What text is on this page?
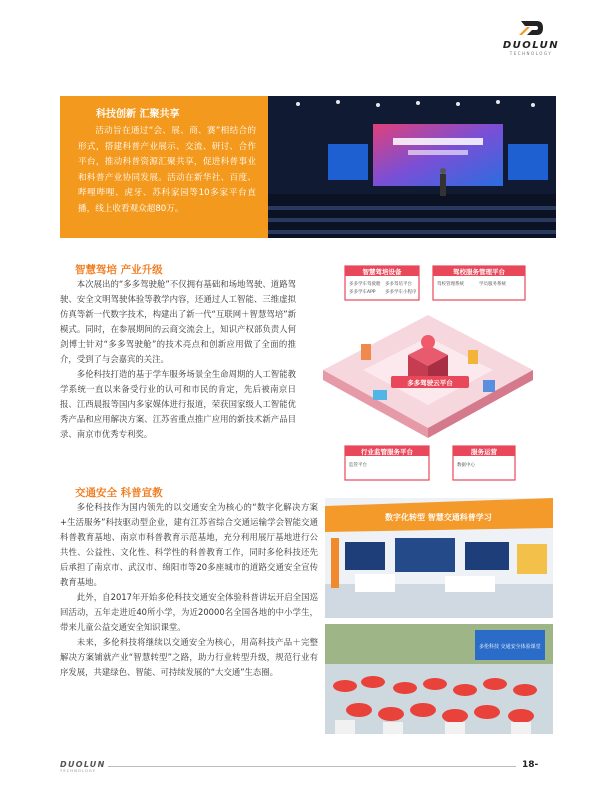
DUOLUN
TECHNOLOGY
科技创新 汇聚共享
活动旨在通过“会、展、商、赛”相结合的形式，搭建科普产业展示、交流、研讨、合作平台，推动科普资源汇聚共享，促进科普事业和科普产业协同发展。活动在新华社、百度、哔哩哔哩、虎牙、苏科家园等10多家平台直播，线上收看观众超80万。
智慧驾培 产业升级

本次展出的“多多驾驶舱”不仅拥有基础和场地驾驶、道路驾驶、安全文明驾驶体验等教学内容，还通过人工智能、三维虚拟仿真等新一代数字技术，构建出了新一代“互联网＋智慧驾培”新模式。同时，在参展期间的云商交流会上，知识产权部负责人何剑博士针对“多多驾驶舱”的技术亮点和创新应用做了全面的推介，受到了与会嘉宾的关注。

多伦科技打造的基于学车服务场景全生命周期的人工智能教学系统一直以来备受行业的认可和市民的肯定，先后被南京日报、江西晨报等国内多家媒体进行报道，荣获国家级人工智能优秀产品和应用解决方案、江苏省重点推广应用的新技术新产品目录、南京市优秀专利奖。

智慧驾培设备
多多学车驾驶舱 多多驾培平台
多多学车APP 多多学车小程序
驾校服务管理平台
驾校管理系统	学员服务系统
多多驾驶云平台
行业监管服务平台
监管平台
服务运营
数据中心
交通安全 科普宣教

多伦科技作为国内领先的以交通安全为核心的“数字化解决方案+生活服务”科技驱动型企业，建有江苏省综合交通运输学会智能交通科普教育基地、南京市科普教育示范基地，充分利用展厅基地进行公共性、公益性、文化性、科学性的科普教育工作，同时多伦科技还先后承担了南京市、武汉市、绵阳市等20多座城市的道路交通安全宣传教育基地。

此外，自2017年开始多伦科技交通安全体验科普讲坛开启全国巡回活动，五年走进近40所小学，为近20000名全国各地的中小学生，带来儿童公益交通安全知识课堂。

未来，多伦科技将继续以交通安全为核心，用高科技产品＋完整解决方案铺就产业“智慧转型”之路，助力行业转型升级，规范行业有序发展，共建绿色、智能、可持续发展的“大交通”生态圈。

数字化转型 智慧交通科普学习
多伦科技 交通安全体验课堂
DUOLUN
TECHNOLOGY
18-
